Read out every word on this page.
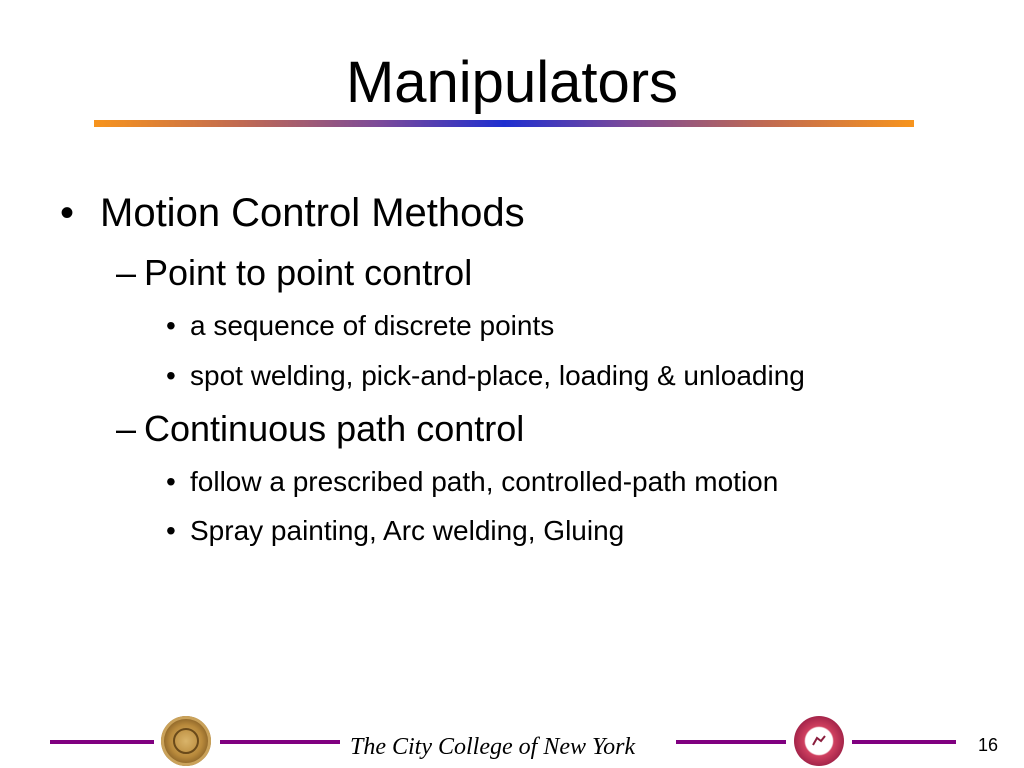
Manipulators
• Motion Control Methods
– Point to point control
• a sequence of discrete points
• spot welding, pick-and-place, loading & unloading
– Continuous path control
• follow a prescribed path, controlled-path motion
• Spray painting, Arc welding, Gluing
The City College of New York	16
